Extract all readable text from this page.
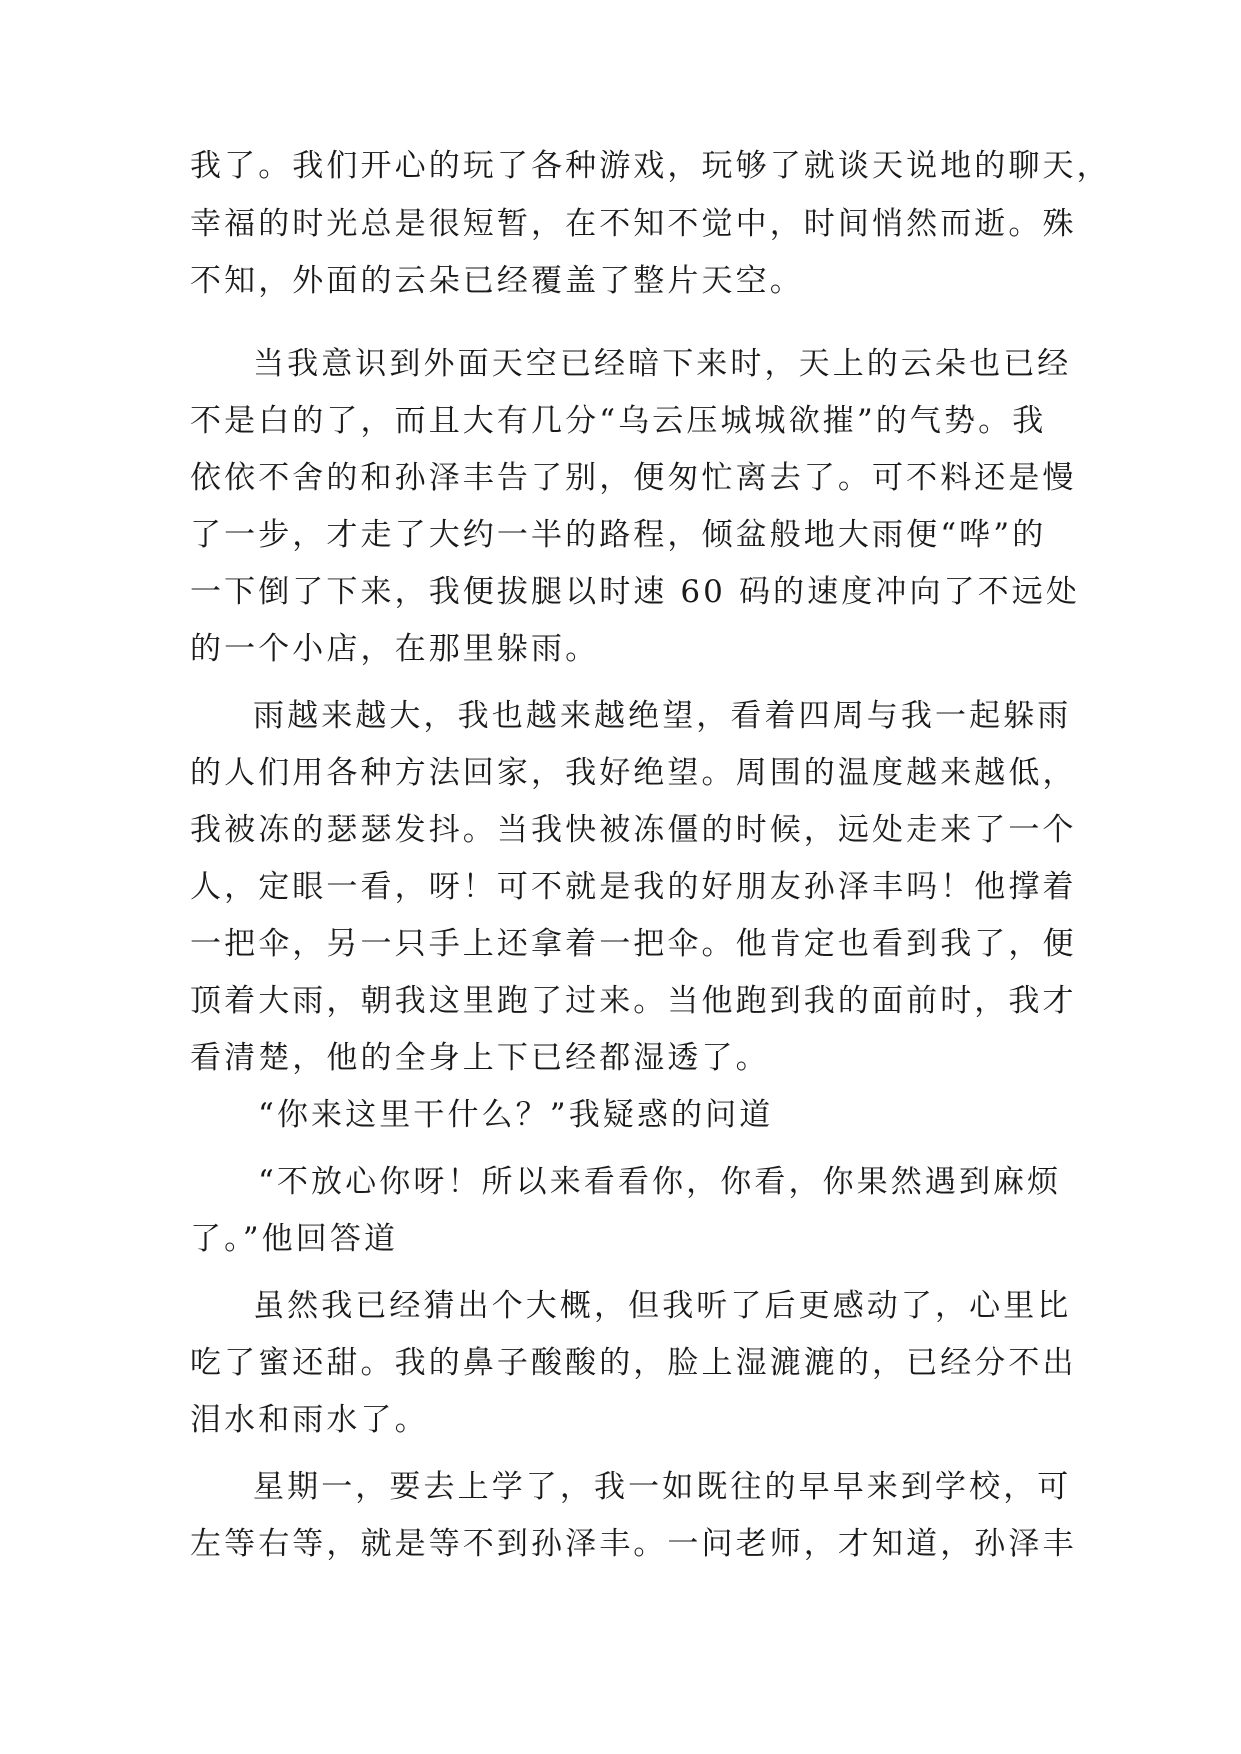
我了。我们开心的玩了各种游戏，玩够了就谈天说地的聊天，
幸福的时光总是很短暂，在不知不觉中，时间悄然而逝。殊
不知，外面的云朵已经覆盖了整片天空。
当我意识到外面天空已经暗下来时，天上的云朵也已经
不是白的了，而且大有几分“乌云压城城欲摧”的气势。我
依依不舍的和孙泽丰告了别，便匆忙离去了。可不料还是慢
了一步，才走了大约一半的路程，倾盆般地大雨便“哗”的
一下倒了下来，我便拔腿以时速 60 码的速度冲向了不远处
的一个小店，在那里躲雨。
雨越来越大，我也越来越绝望，看着四周与我一起躲雨
的人们用各种方法回家，我好绝望。周围的温度越来越低，
我被冻的瑟瑟发抖。当我快被冻僵的时候，远处走来了一个
人，定眼一看，呀！可不就是我的好朋友孙泽丰吗！他撑着
一把伞，另一只手上还拿着一把伞。他肯定也看到我了，便
顶着大雨，朝我这里跑了过来。当他跑到我的面前时，我才
看清楚，他的全身上下已经都湿透了。
“你来这里干什么？”我疑惑的问道
“不放心你呀！所以来看看你，你看，你果然遇到麻烦
了。”他回答道
虽然我已经猜出个大概，但我听了后更感动了，心里比
吃了蜜还甜。我的鼻子酸酸的，脸上湿漉漉的，已经分不出
泪水和雨水了。
星期一，要去上学了，我一如既往的早早来到学校，可
左等右等，就是等不到孙泽丰。一问老师，才知道，孙泽丰
